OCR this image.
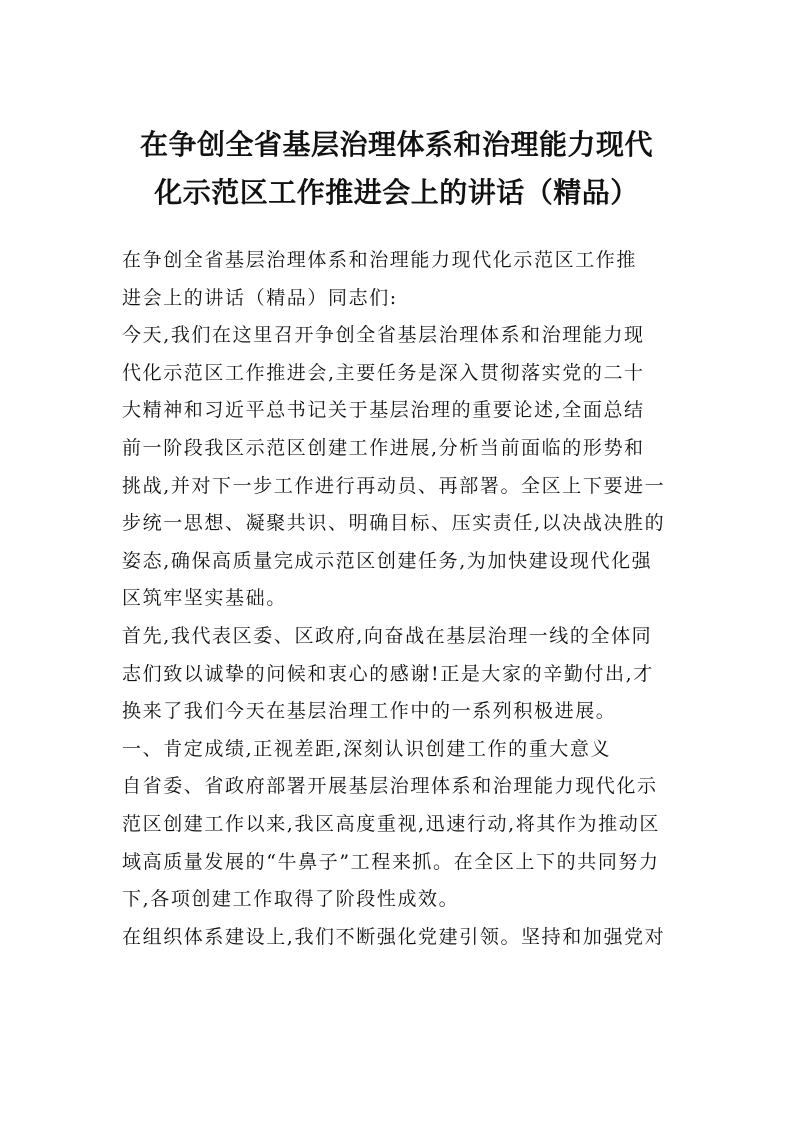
在争创全省基层治理体系和治理能力现代
化示范区工作推进会上的讲话（精品）

在争创全省基层治理体系和治理能力现代化示范区工作推
进会上的讲话（精品）同志们:

今天,我们在这里召开争创全省基层治理体系和治理能力现
代化示范区工作推进会,主要任务是深入贯彻落实党的二十
大精神和习近平总书记关于基层治理的重要论述,全面总结
前一阶段我区示范区创建工作进展,分析当前面临的形势和
挑战,并对下一步工作进行再动员、再部署。全区上下要进一
步统一思想、凝聚共识、明确目标、压实责任,以决战决胜的
姿态,确保高质量完成示范区创建任务,为加快建设现代化强
区筑牢坚实基础。

首先,我代表区委、区政府,向奋战在基层治理一线的全体同
志们致以诚挚的问候和衷心的感谢!正是大家的辛勤付出,才
换来了我们今天在基层治理工作中的一系列积极进展。

一、肯定成绩,正视差距,深刻认识创建工作的重大意义

自省委、省政府部署开展基层治理体系和治理能力现代化示
范区创建工作以来,我区高度重视,迅速行动,将其作为推动区
域高质量发展的“牛鼻子”工程来抓。在全区上下的共同努力
下,各项创建工作取得了阶段性成效。

在组织体系建设上,我们不断强化党建引领。坚持和加强党对
